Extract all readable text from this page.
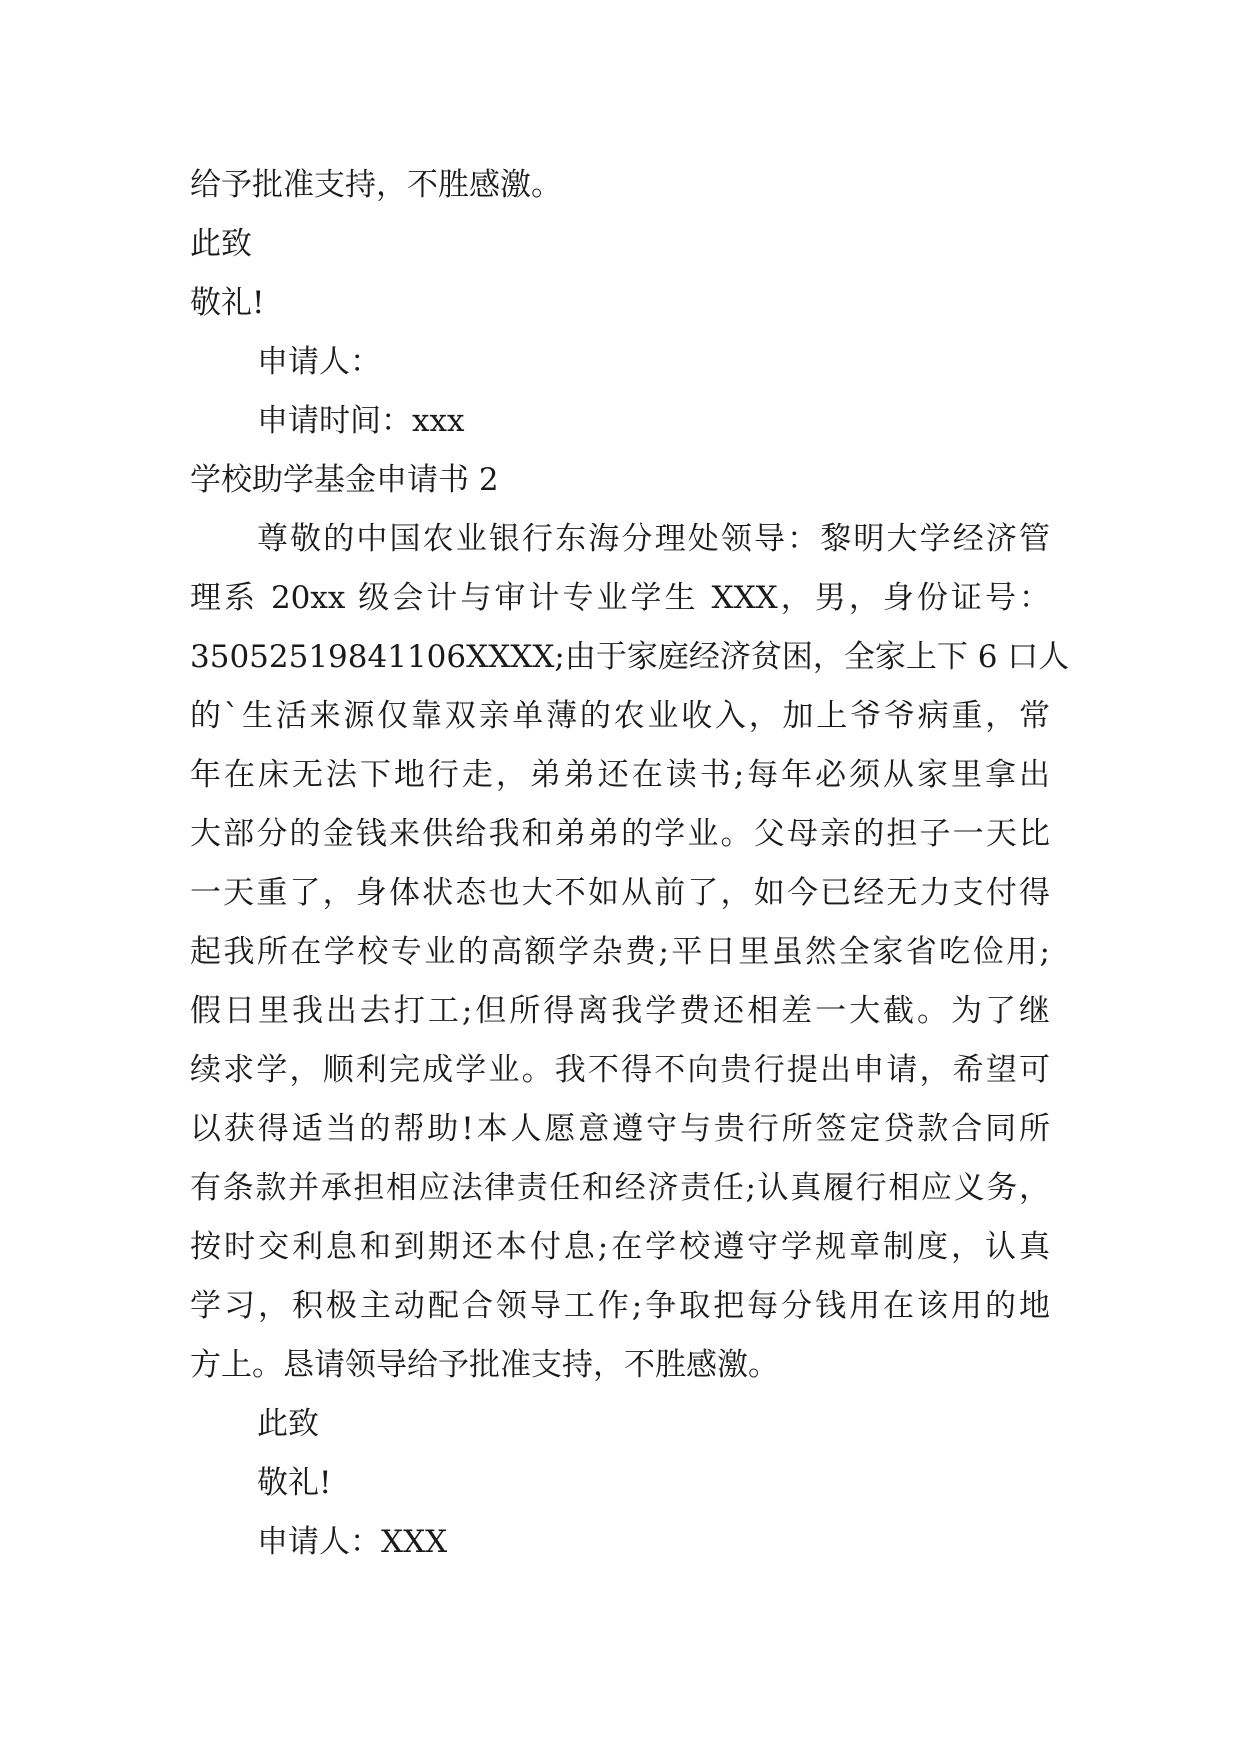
给予批准支持，不胜感激。
此致
敬礼!
申请人：
申请时间：xxx
学校助学基金申请书 2
尊敬的中国农业银行东海分理处领导：黎明大学经济管
理系 20xx 级会计与审计专业学生 XXX，男，身份证号：
35052519841106XXXX;由于家庭经济贫困，全家上下 6 口人
的`生活来源仅靠双亲单薄的农业收入，加上爷爷病重，常
年在床无法下地行走，弟弟还在读书;每年必须从家里拿出
大部分的金钱来供给我和弟弟的学业。父母亲的担子一天比
一天重了，身体状态也大不如从前了，如今已经无力支付得
起我所在学校专业的高额学杂费;平日里虽然全家省吃俭用;
假日里我出去打工;但所得离我学费还相差一大截。为了继
续求学，顺利完成学业。我不得不向贵行提出申请，希望可
以获得适当的帮助!本人愿意遵守与贵行所签定贷款合同所
有条款并承担相应法律责任和经济责任;认真履行相应义务，
按时交利息和到期还本付息;在学校遵守学规章制度，认真
学习，积极主动配合领导工作;争取把每分钱用在该用的地
方上。恳请领导给予批准支持，不胜感激。
此致
敬礼!
申请人：XXX
